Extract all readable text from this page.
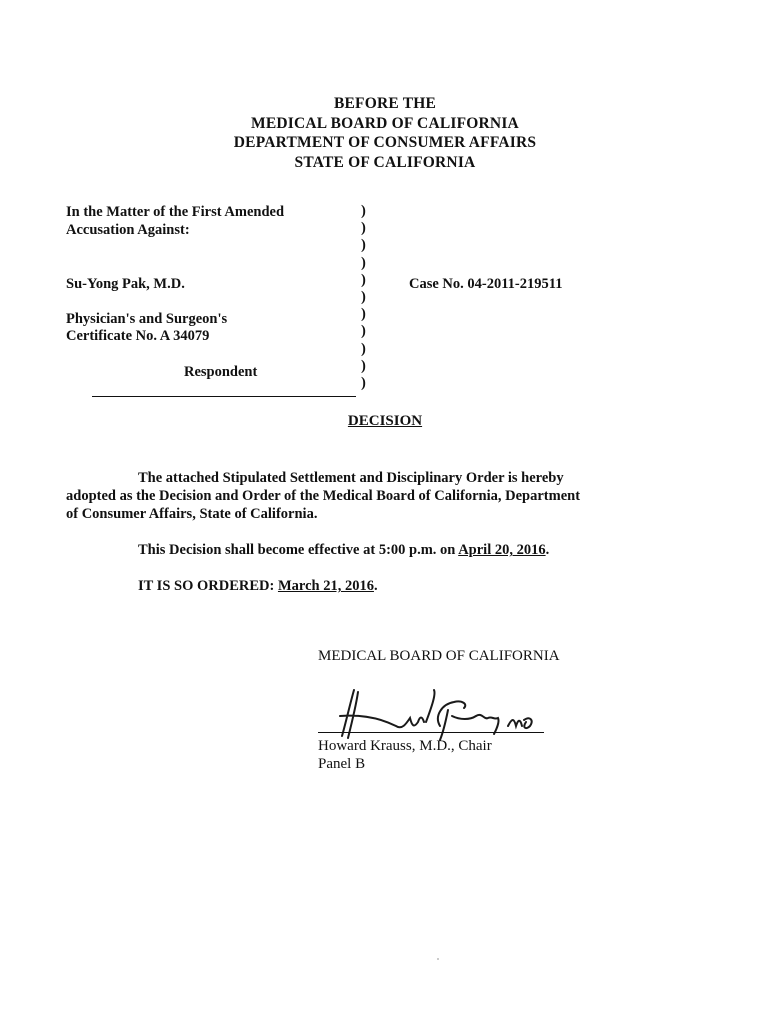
BEFORE THE
MEDICAL BOARD OF CALIFORNIA
DEPARTMENT OF CONSUMER AFFAIRS
STATE OF CALIFORNIA
In the Matter of the First Amended
Accusation Against:
Su-Yong Pak, M.D.
Physician's and Surgeon's
Certificate No. A 34079
Respondent
Case No. 04-2011-219511
)
)
)
)
)
)
)
)
)
)
)
DECISION
The attached Stipulated Settlement and Disciplinary Order is hereby
adopted as the Decision and Order of the Medical Board of California, Department
of Consumer Affairs, State of California.
This Decision shall become effective at 5:00 p.m. on April 20, 2016.
IT IS SO ORDERED: March 21, 2016.
MEDICAL BOARD OF CALIFORNIA
Howard Krauss, M.D., Chair
Panel B
